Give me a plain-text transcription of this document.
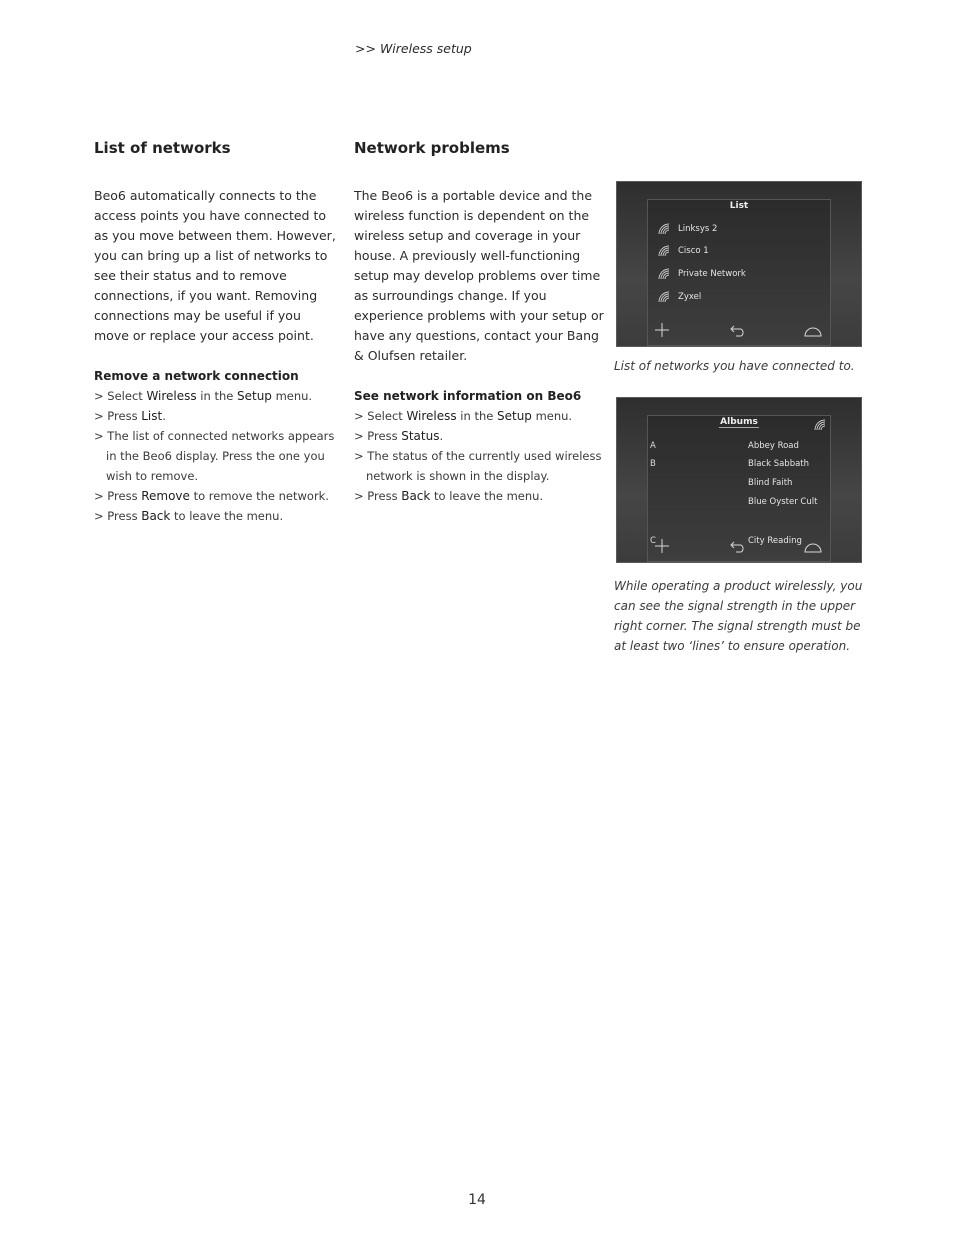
>> Wireless setup
List of networks

Beo6 automatically connects to the access points you have connected to as you move between them. However, you can bring up a list of networks to see their status and to remove connections, if you want. Removing connections may be useful if you move or replace your access point.

Remove a network connection

> Select Wireless in the Setup menu.
> Press List.
> The list of connected networks appears in the Beo6 display. Press the one you wish to remove.
> Press Remove to remove the network.
> Press Back to leave the menu.
Network problems

The Beo6 is a portable device and the wireless function is dependent on the wireless setup and coverage in your house. A previously well-functioning setup may develop problems over time as surroundings change. If you experience problems with your setup or have any questions, contact your Bang & Olufsen retailer.

See network information on Beo6

> Select Wireless in the Setup menu.
> Press Status.
> The status of the currently used wireless network is shown in the display.
> Press Back to leave the menu.
List
Linksys 2
Cisco 1
Private Network
Zyxel

List of networks you have connected to.

Albums
A
B
C
Abbey Road
Black Sabbath
Blind Faith
Blue Oyster Cult
City Reading

While operating a product wirelessly, you can see the signal strength in the upper right corner. The signal strength must be at least two ‘lines’ to ensure operation.

14
